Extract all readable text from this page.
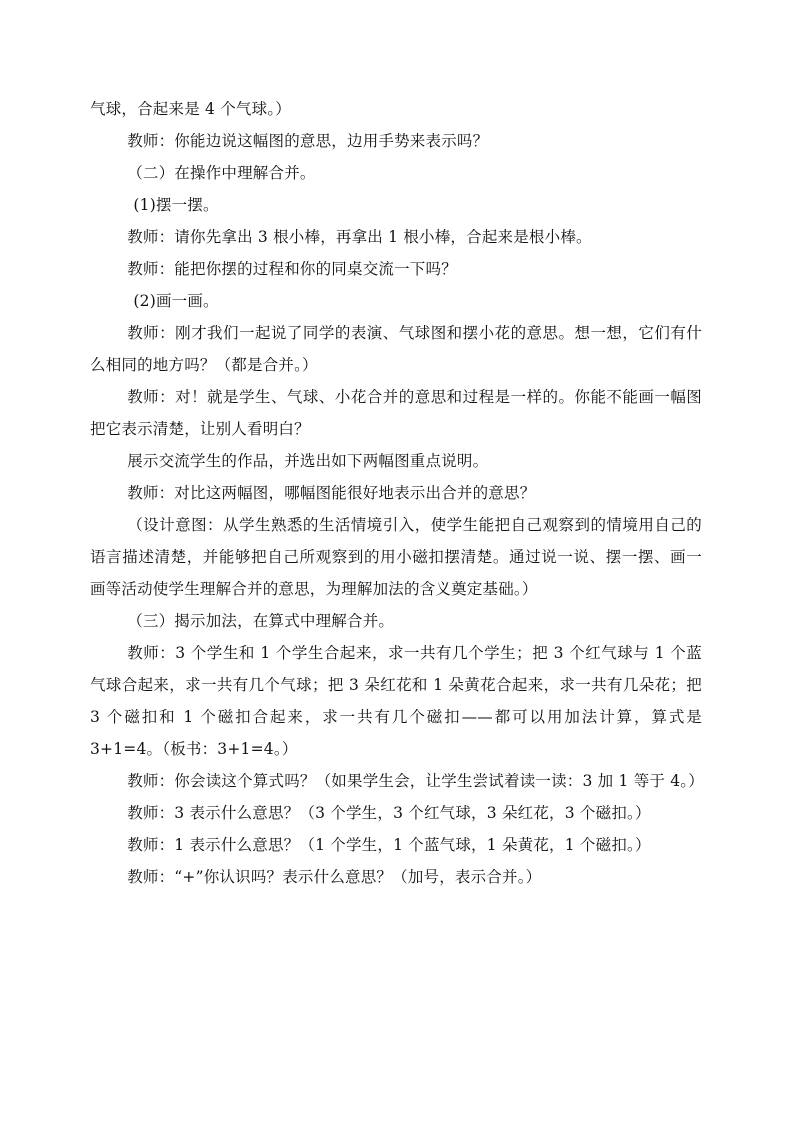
气球，合起来是 4 个气球。）

教师：你能边说这幅图的意思，边用手势来表示吗？

（二）在操作中理解合并。

(1)摆一摆。

教师：请你先拿出 3 根小棒，再拿出 1 根小棒，合起来是根小棒。

教师：能把你摆的过程和你的同桌交流一下吗？

(2)画一画。

教师：刚才我们一起说了同学的表演、气球图和摆小花的意思。想一想，它们有什么相同的地方吗？（都是合并。）

教师：对！就是学生、气球、小花合并的意思和过程是一样的。你能不能画一幅图把它表示清楚，让别人看明白？

展示交流学生的作品，并选出如下两幅图重点说明。

教师：对比这两幅图，哪幅图能很好地表示出合并的意思？

（设计意图：从学生熟悉的生活情境引入，使学生能把自己观察到的情境用自己的语言描述清楚，并能够把自己所观察到的用小磁扣摆清楚。通过说一说、摆一摆、画一画等活动使学生理解合并的意思，为理解加法的含义奠定基础。）

（三）揭示加法，在算式中理解合并。

教师：3 个学生和 1 个学生合起来，求一共有几个学生；把 3 个红气球与 1 个蓝气球合起来，求一共有几个气球；把 3 朵红花和 1 朵黄花合起来，求一共有几朵花；把 3 个磁扣和 1 个磁扣合起来，求一共有几个磁扣——都可以用加法计算，算式是 3+1=4。（板书：3+1=4。）

教师：你会读这个算式吗？（如果学生会，让学生尝试着读一读：3 加 1 等于 4。）

教师：3 表示什么意思？（3 个学生，3 个红气球，3 朵红花，3 个磁扣。）

教师：1 表示什么意思？（1 个学生，1 个蓝气球，1 朵黄花，1 个磁扣。）

教师：“+”你认识吗？表示什么意思？（加号，表示合并。）
